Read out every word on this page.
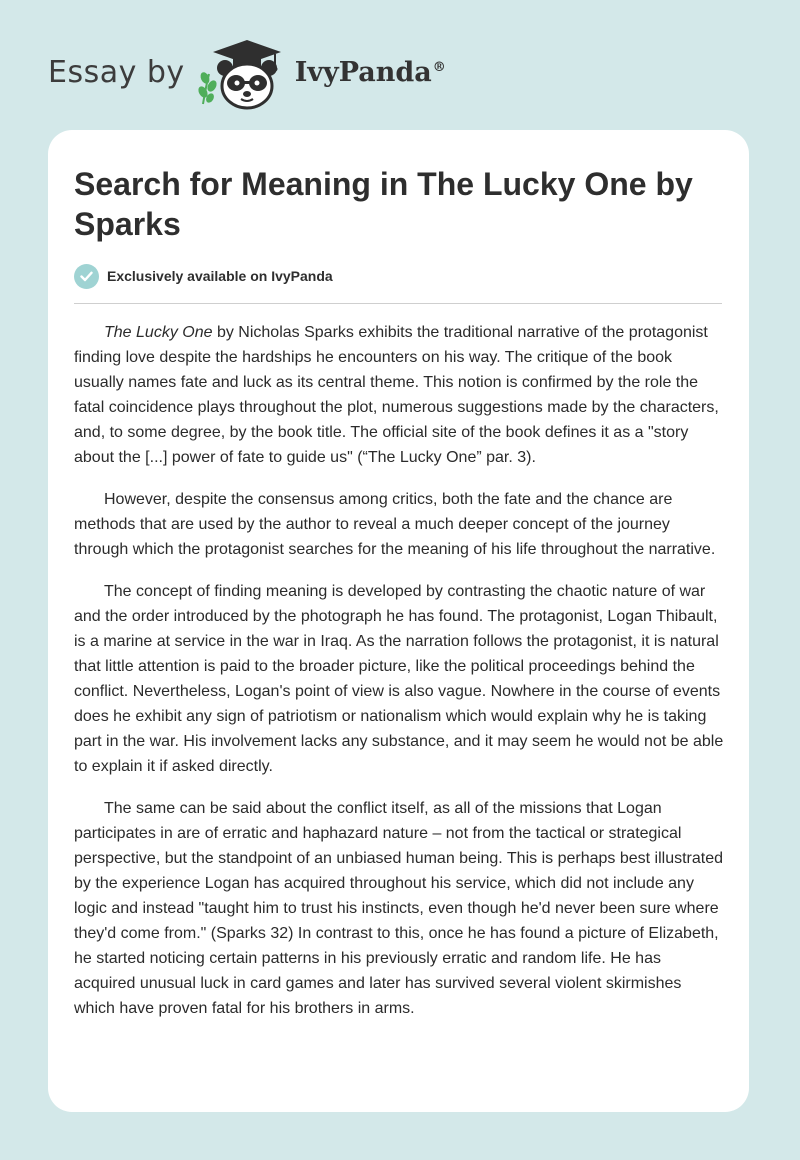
Essay by	IvyPanda®
Search for Meaning in The Lucky One by Sparks
Exclusively available on IvyPanda

The Lucky One by Nicholas Sparks exhibits the traditional narrative of the protagonist finding love despite the hardships he encounters on his way. The critique of the book usually names fate and luck as its central theme. This notion is confirmed by the role the fatal coincidence plays throughout the plot, numerous suggestions made by the characters, and, to some degree, by the book title. The official site of the book defines it as a "story about the [...] power of fate to guide us" (“The Lucky One” par. 3).

However, despite the consensus among critics, both the fate and the chance are methods that are used by the author to reveal a much deeper concept of the journey through which the protagonist searches for the meaning of his life throughout the narrative.

The concept of finding meaning is developed by contrasting the chaotic nature of war and the order introduced by the photograph he has found. The protagonist, Logan Thibault, is a marine at service in the war in Iraq. As the narration follows the protagonist, it is natural that little attention is paid to the broader picture, like the political proceedings behind the conflict. Nevertheless, Logan's point of view is also vague. Nowhere in the course of events does he exhibit any sign of patriotism or nationalism which would explain why he is taking part in the war. His involvement lacks any substance, and it may seem he would not be able to explain it if asked directly.

The same can be said about the conflict itself, as all of the missions that Logan participates in are of erratic and haphazard nature – not from the tactical or strategical perspective, but the standpoint of an unbiased human being. This is perhaps best illustrated by the experience Logan has acquired throughout his service, which did not include any logic and instead "taught him to trust his instincts, even though he'd never been sure where they'd come from." (Sparks 32) In contrast to this, once he has found a picture of Elizabeth, he started noticing certain patterns in his previously erratic and random life. He has acquired unusual luck in card games and later has survived several violent skirmishes which have proven fatal for his brothers in arms.
